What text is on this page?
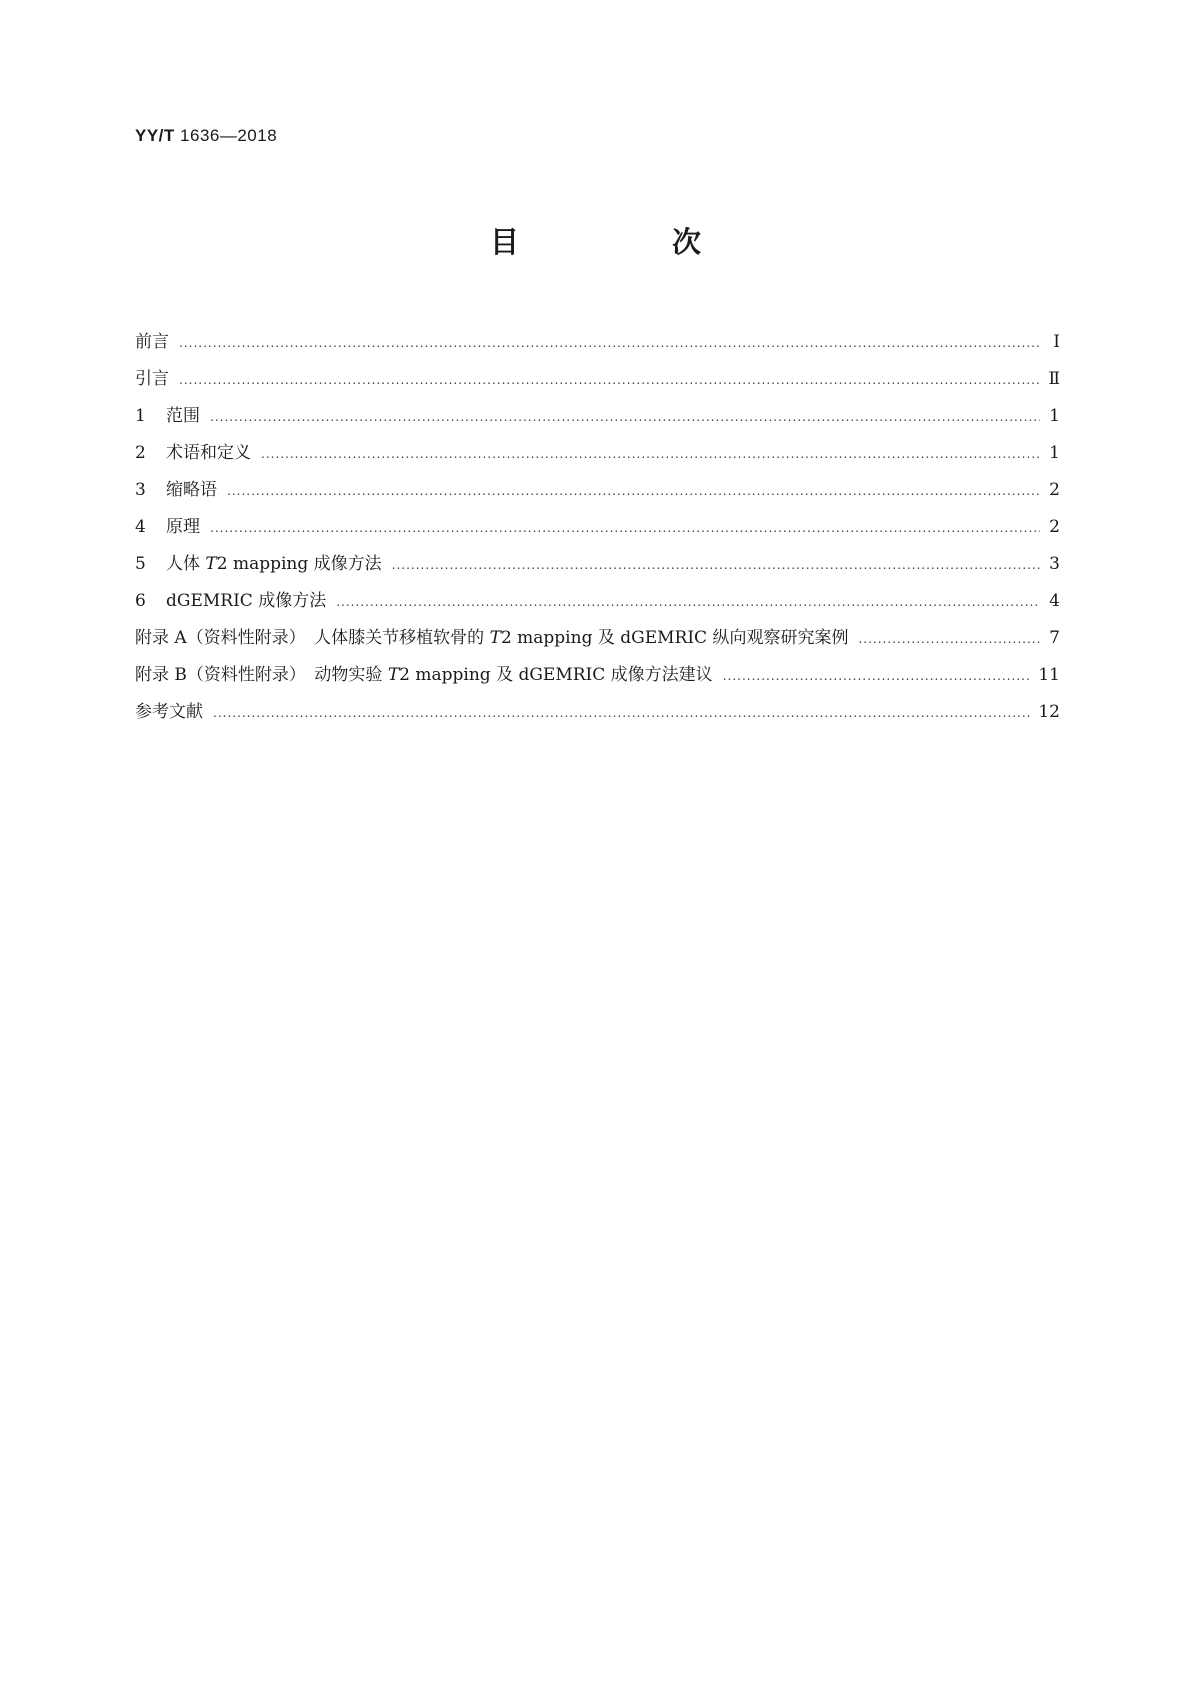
YY/T 1636—2018
目　次
前言 .....	Ⅰ
引言 .....	Ⅱ
1	范围 .....	1
2	术语和定义 .....	1
3	缩略语 .....	2
4	原理 .....	2
5	人体 T2 mapping 成像方法 .....	3
6	dGEMRIC 成像方法 .....	4
附录 A（资料性附录）　人体膝关节移植软骨的 T2 mapping 及 dGEMRIC 纵向观察研究案例 .....	7
附录 B（资料性附录）　动物实验 T2 mapping 及 dGEMRIC 成像方法建议 .....	11
参考文献 .....	12
